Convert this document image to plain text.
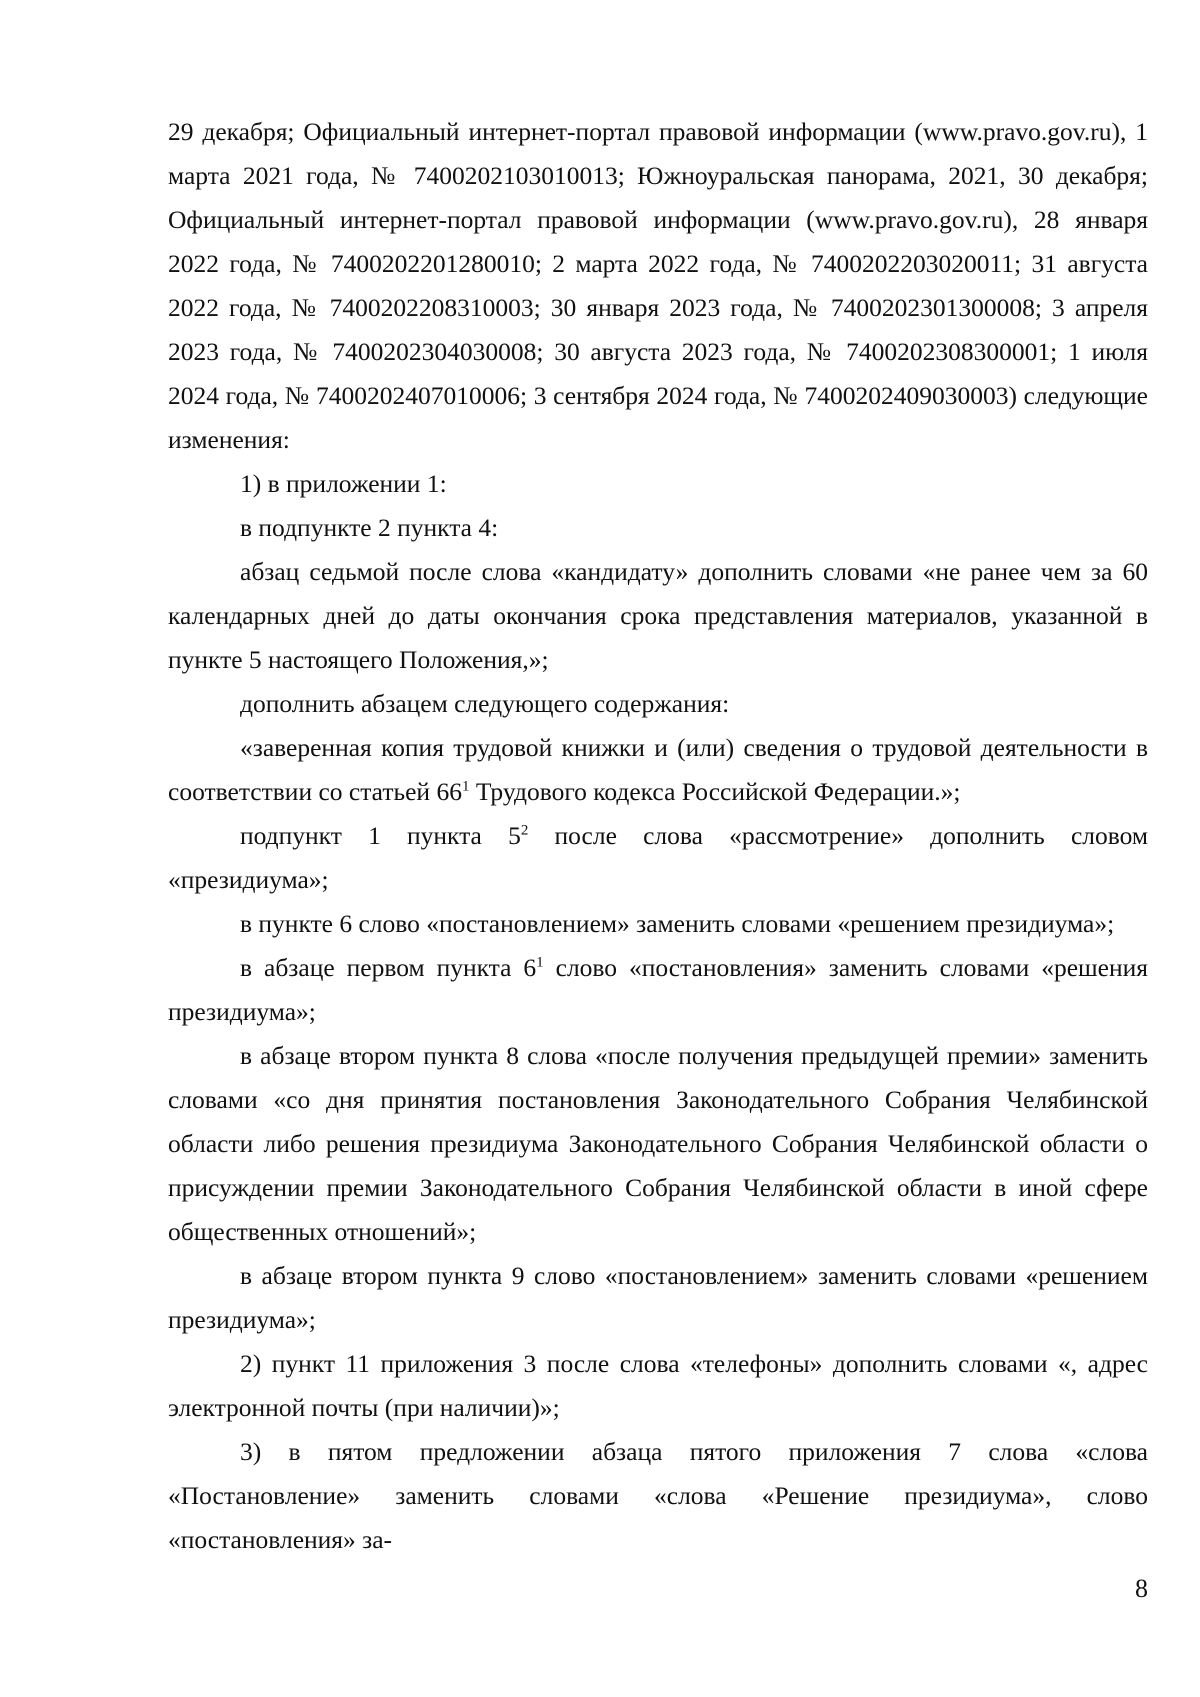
29 декабря; Официальный интернет-портал правовой информации (www.pravo.gov.ru), 1 марта 2021 года, № 7400202103010013; Южноуральская панорама, 2021, 30 декабря; Официальный интернет-портал правовой информации (www.pravo.gov.ru), 28 января 2022 года, № 7400202201280010; 2 марта 2022 года, № 7400202203020011; 31 августа 2022 года, № 7400202208310003; 30 января 2023 года, № 7400202301300008; 3 апреля 2023 года, № 7400202304030008; 30 августа 2023 года, № 7400202308300001; 1 июля 2024 года, № 7400202407010006; 3 сентября 2024 года, № 7400202409030003) следующие изменения:

1) в приложении 1:

в подпункте 2 пункта 4:

абзац седьмой после слова «кандидату» дополнить словами «не ранее чем за 60 календарных дней до даты окончания срока представления материалов, указанной в пункте 5 настоящего Положения,»;

дополнить абзацем следующего содержания:

«заверенная копия трудовой книжки и (или) сведения о трудовой деятельности в соответствии со статьей $66^1$ Трудового кодекса Российской Федерации.»;

подпункт 1 пункта $5^2$ после слова «рассмотрение» дополнить словом «президиума»;

в пункте 6 слово «постановлением» заменить словами «решением президиума»;

в абзаце первом пункта $6^1$ слово «постановления» заменить словами «решения президиума»;

в абзаце втором пункта 8 слова «после получения предыдущей премии» заменить словами «со дня принятия постановления Законодательного Собрания Челябинской области либо решения президиума Законодательного Собрания Челябинской области о присуждении премии Законодательного Собрания Челябинской области в иной сфере общественных отношений»;

в абзаце втором пункта 9 слово «постановлением» заменить словами «решением президиума»;

2) пункт 11 приложения 3 после слова «телефоны» дополнить словами «, адрес электронной почты (при наличии)»;

3) в пятом предложении абзаца пятого приложения 7 слова «слова «Постановление» заменить словами «слова «Решение президиума», слово «постановления» за-

8
